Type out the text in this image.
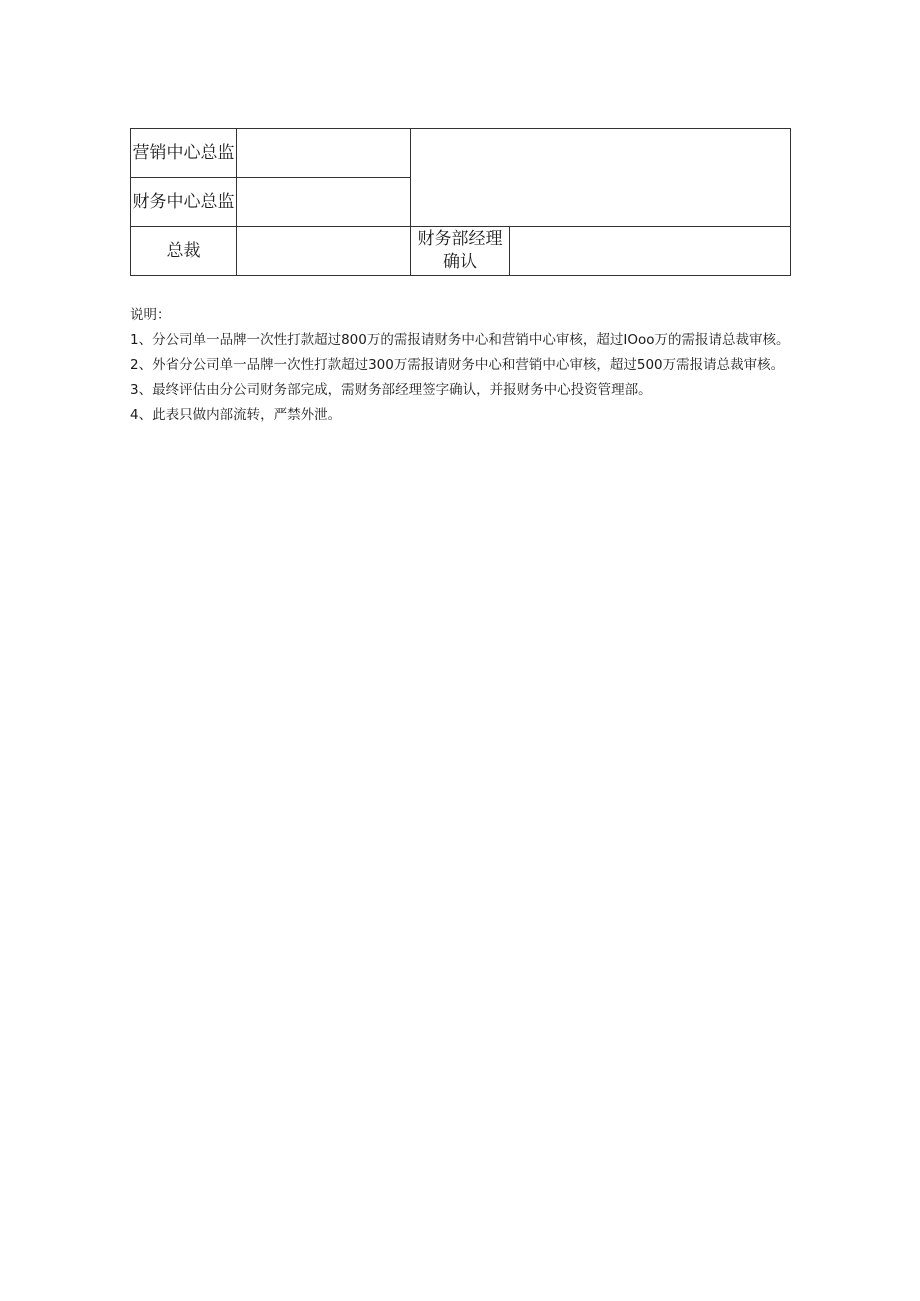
营销中心总监			
财务中心总监			
总裁		财务部经理确认	

说明：

1、分公司单一品牌一次性打款超过800万的需报请财务中心和营销中心审核，超过IOoo万的需报请总裁审核。

2、外省分公司单一品牌一次性打款超过300万需报请财务中心和营销中心审核，超过500万需报请总裁审核。

3、最终评估由分公司财务部完成，需财务部经理签字确认，并报财务中心投资管理部。

4、此表只做内部流转，严禁外泄。
